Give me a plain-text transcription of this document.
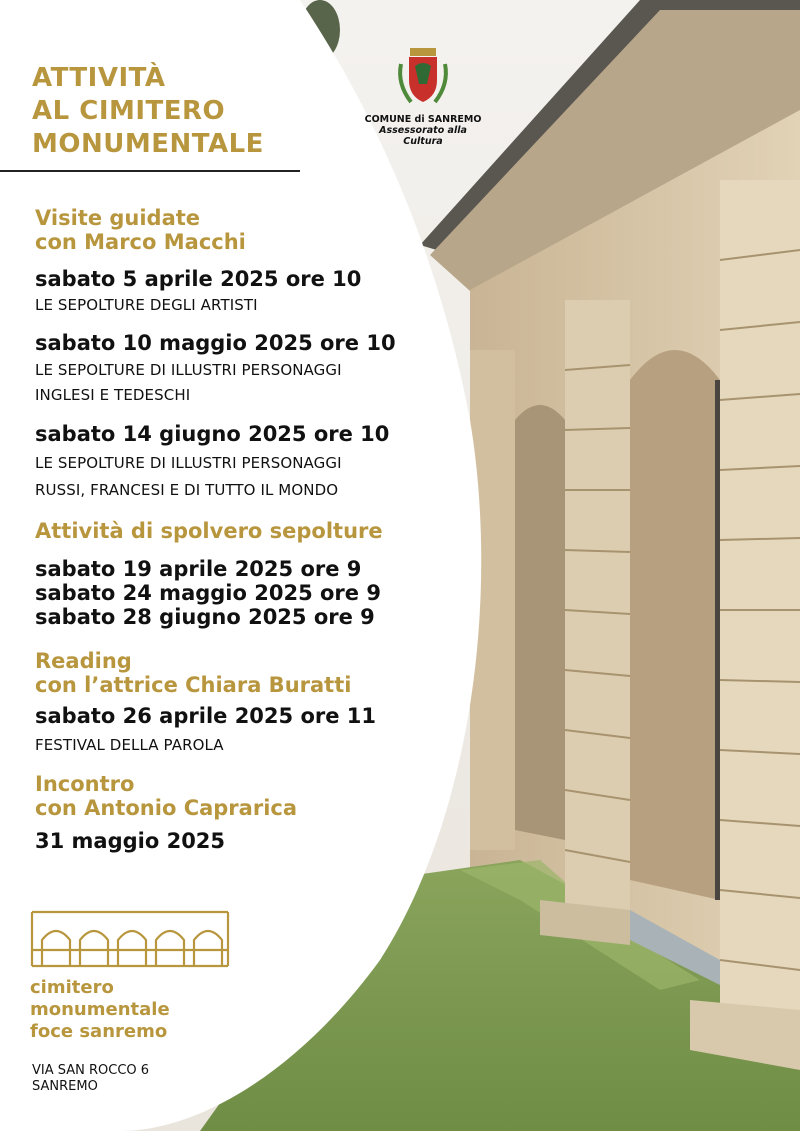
ATTIVITÀ
AL CIMITERO
MONUMENTALE
COMUNE di SANREMO
Assessorato alla Cultura
Visite guidate
con Marco Macchi
sabato 5 aprile 2025 ore 10
LE SEPOLTURE DEGLI ARTISTI
sabato 10 maggio 2025 ore 10
LE SEPOLTURE DI ILLUSTRI PERSONAGGI
INGLESI E TEDESCHI
sabato 14 giugno 2025 ore 10
LE SEPOLTURE DI ILLUSTRI PERSONAGGI
RUSSI, FRANCESI E DI TUTTO IL MONDO
Attività di spolvero sepolture
sabato 19 aprile 2025 ore 9
sabato 24 maggio 2025 ore 9
sabato 28 giugno 2025 ore 9
Reading
con l’attrice Chiara Buratti
sabato 26 aprile 2025 ore 11
FESTIVAL DELLA PAROLA
Incontro
con Antonio Caprarica
31 maggio 2025
cimitero
monumentale
foce sanremo
VIA SAN ROCCO 6
SANREMO
